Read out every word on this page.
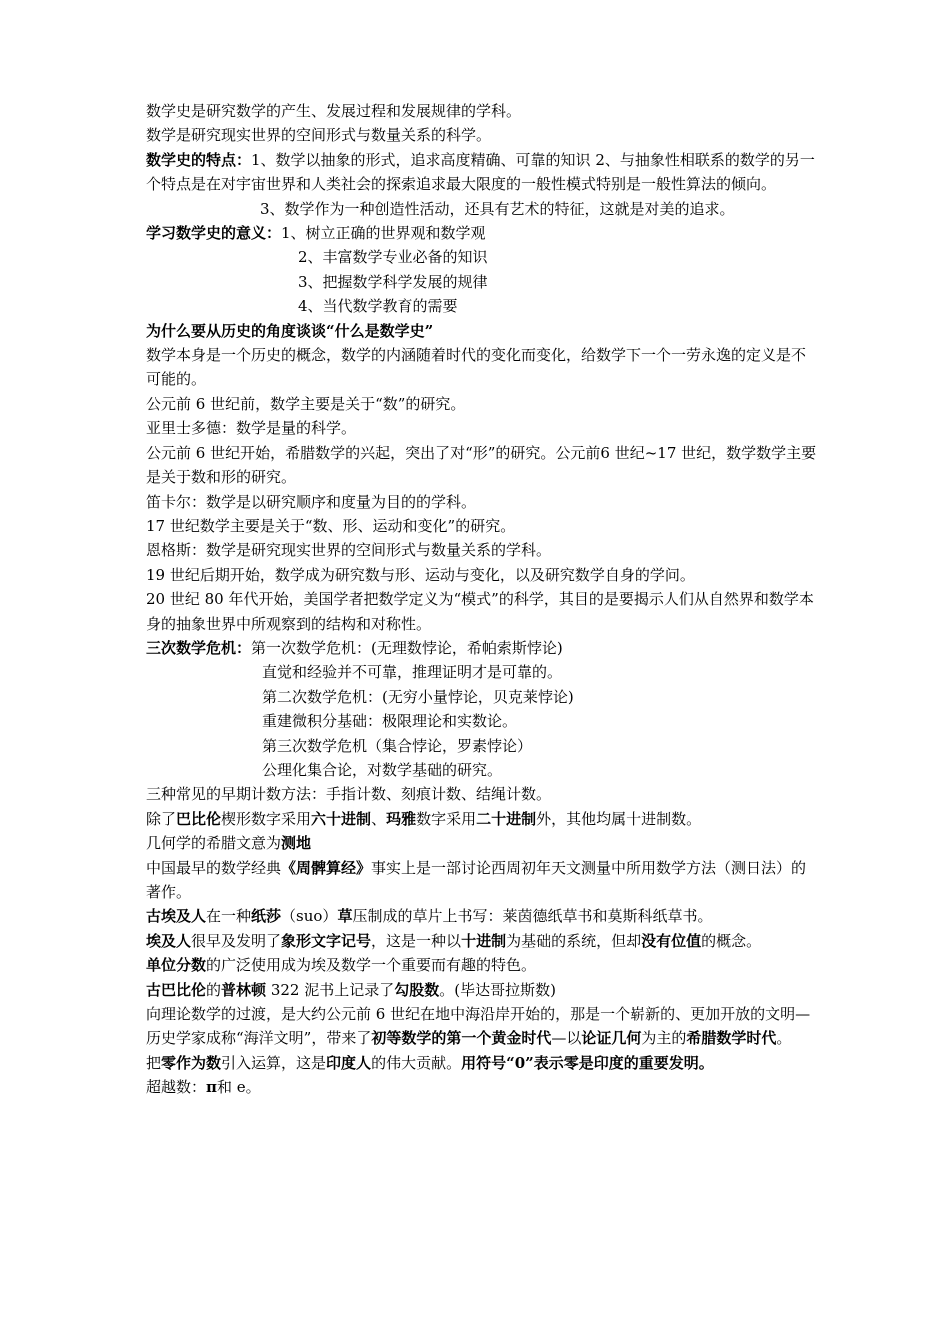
数学史是研究数学的产生、发展过程和发展规律的学科。
数学是研究现实世界的空间形式与数量关系的科学。
数学史的特点：1、数学以抽象的形式，追求高度精确、可靠的知识 2、与抽象性相联系的数学的另一个特点是在对宇宙世界和人类社会的探索追求最大限度的一般性模式特别是一般性算法的倾向。
3、数学作为一种创造性活动，还具有艺术的特征，这就是对美的追求。
学习数学史的意义：1、树立正确的世界观和数学观
2、丰富数学专业必备的知识
3、把握数学科学发展的规律
4、当代数学教育的需要
为什么要从历史的角度谈谈“什么是数学史”
数学本身是一个历史的概念，数学的内涵随着时代的变化而变化，给数学下一个一劳永逸的定义是不可能的。
公元前 6 世纪前，数学主要是关于“数”的研究。
亚里士多德：数学是量的科学。
公元前 6 世纪开始，希腊数学的兴起，突出了对“形”的研究。公元前6 世纪~17 世纪，数学数学主要是关于数和形的研究。
笛卡尔：数学是以研究顺序和度量为目的的学科。
17 世纪数学主要是关于“数、形、运动和变化”的研究。
恩格斯：数学是研究现实世界的空间形式与数量关系的学科。
19 世纪后期开始，数学成为研究数与形、运动与变化，以及研究数学自身的学问。
20 世纪 80 年代开始，美国学者把数学定义为“模式”的科学，其目的是要揭示人们从自然界和数学本身的抽象世界中所观察到的结构和对称性。
三次数学危机：第一次数学危机：(无理数悖论，希帕索斯悖论)
直觉和经验并不可靠，推理证明才是可靠的。
第二次数学危机：(无穷小量悖论，贝克莱悖论)
重建微积分基础：极限理论和实数论。
第三次数学危机（集合悖论，罗素悖论）
公理化集合论，对数学基础的研究。
三种常见的早期计数方法：手指计数、刻痕计数、结绳计数。
除了巴比伦楔形数字采用六十进制、玛雅数字采用二十进制外，其他均属十进制数。
几何学的希腊文意为测地
中国最早的数学经典《周髀算经》事实上是一部讨论西周初年天文测量中所用数学方法（测日法）的著作。
古埃及人在一种纸莎（suo）草压制成的草片上书写：莱茵德纸草书和莫斯科纸草书。
埃及人很早及发明了象形文字记号，这是一种以十进制为基础的系统，但却没有位值的概念。
单位分数的广泛使用成为埃及数学一个重要而有趣的特色。
古巴比伦的普林顿 322 泥书上记录了勾股数。(毕达哥拉斯数)
向理论数学的过渡，是大约公元前 6 世纪在地中海沿岸开始的，那是一个崭新的、更加开放的文明—历史学家成称“海洋文明”，带来了初等数学的第一个黄金时代—以论证几何为主的希腊数学时代。
把零作为数引入运算，这是印度人的伟大贡献。用符号“0”表示零是印度的重要发明。
超越数：π和 e。
